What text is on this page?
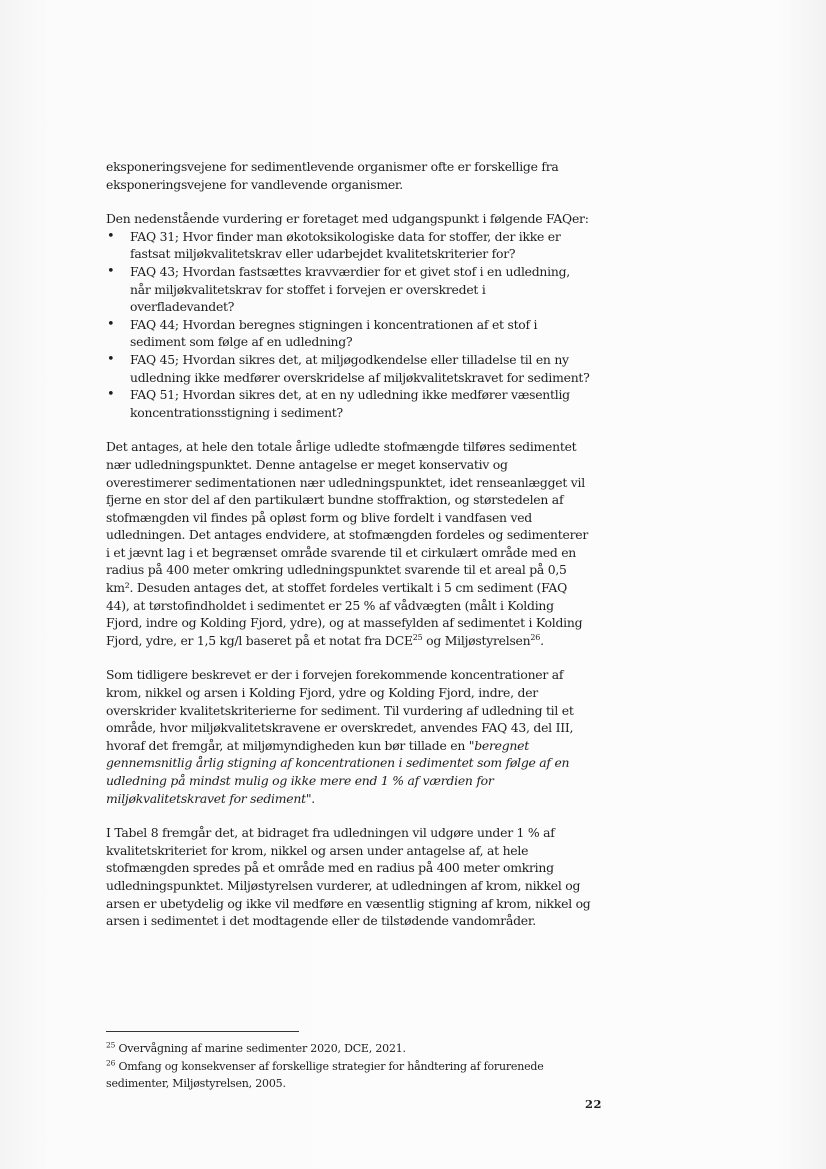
eksponeringsvejene for sedimentlevende organismer ofte er forskellige fra
eksponeringsvejene for vandlevende organismer.

Den nedenstående vurdering er foretaget med udgangspunkt i følgende FAQer:

• FAQ 31; Hvor finder man økotoksikologiske data for stoffer, der ikke er fastsat miljøkvalitetskrav eller udarbejdet kvalitetskriterier for?
• FAQ 43; Hvordan fastsættes kravværdier for et givet stof i en udledning, når miljøkvalitetskrav for stoffet i forvejen er overskredet i overfladevandet?
• FAQ 44; Hvordan beregnes stigningen i koncentrationen af et stof i sediment som følge af en udledning?
• FAQ 45; Hvordan sikres det, at miljøgodkendelse eller tilladelse til en ny udledning ikke medfører overskridelse af miljøkvalitetskravet for sediment?
• FAQ 51; Hvordan sikres det, at en ny udledning ikke medfører væsentlig koncentrationsstigning i sediment?

Det antages, at hele den totale årlige udledte stofmængde tilføres sedimentet nær udledningspunktet. Denne antagelse er meget konservativ og overestimerer sedimentationen nær udledningspunktet, idet renseanlægget vil fjerne en stor del af den partikulært bundne stoffraktion, og størstedelen af stofmængden vil findes på opløst form og blive fordelt i vandfasen ved udledningen. Det antages endvidere, at stofmængden fordeles og sedimenterer i et jævnt lag i et begrænset område svarende til et cirkulært område med en radius på 400 meter omkring udledningspunktet svarende til et areal på 0,5 km². Desuden antages det, at stoffet fordeles vertikalt i 5 cm sediment (FAQ 44), at tørstofindholdet i sedimentet er 25 % af vådvægten (målt i Kolding Fjord, indre og Kolding Fjord, ydre), og at massefylden af sedimentet i Kolding Fjord, ydre, er 1,5 kg/l baseret på et notat fra DCE$^{25}$ og Miljøstyrelsen$^{26}$.

Som tidligere beskrevet er der i forvejen forekommende koncentrationer af krom, nikkel og arsen i Kolding Fjord, ydre og Kolding Fjord, indre, der overskrider kvalitetskriterierne for sediment. Til vurdering af udledning til et område, hvor miljøkvalitetskravene er overskredet, anvendes FAQ 43, del III, hvoraf det fremgår, at miljømyndigheden kun bør tillade en "beregnet gennemsnitlig årlig stigning af koncentrationen i sedimentet som følge af en udledning på mindst mulig og ikke mere end 1 % af værdien for miljøkvalitetskravet for sediment".

I Tabel 8 fremgår det, at bidraget fra udledningen vil udgøre under 1 % af kvalitetskriteriet for krom, nikkel og arsen under antagelse af, at hele stofmængden spredes på et område med en radius på 400 meter omkring udledningspunktet. Miljøstyrelsen vurderer, at udledningen af krom, nikkel og arsen er ubetydelig og ikke vil medføre en væsentlig stigning af krom, nikkel og arsen i sedimentet i det modtagende eller de tilstødende vandområder.

$^{25}$ Overvågning af marine sedimenter 2020, DCE, 2021.

$^{26}$ Omfang og konsekvenser af forskellige strategier for håndtering af forurenede sedimenter, Miljøstyrelsen, 2005.

22
